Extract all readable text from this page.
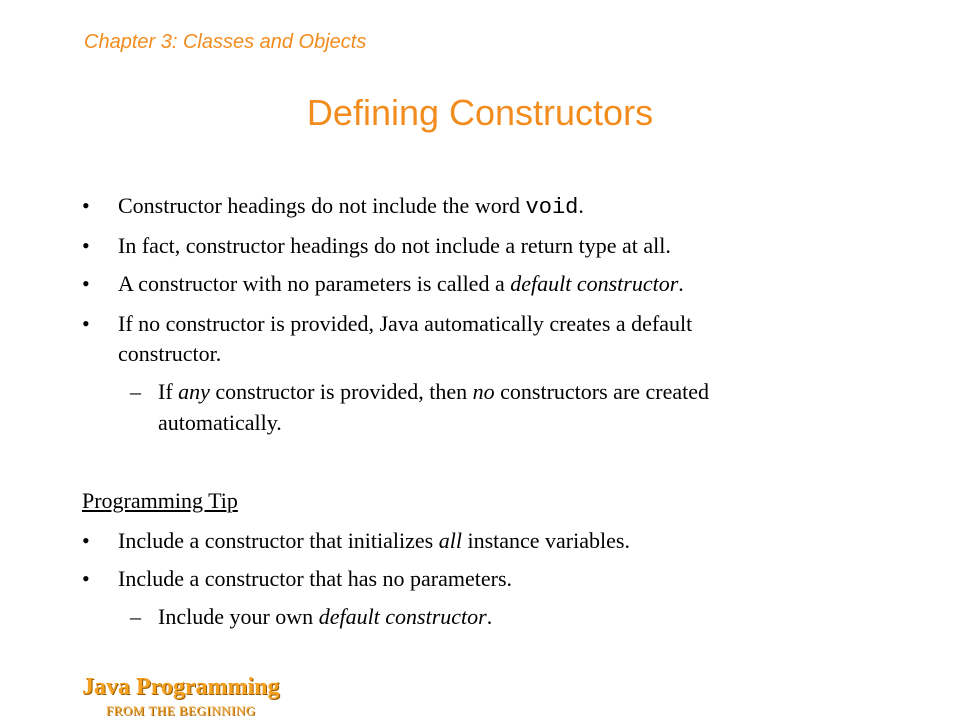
Chapter 3: Classes and Objects
Defining Constructors
• Constructor headings do not include the word void.
• In fact, constructor headings do not include a return type at all.
• A constructor with no parameters is called a default constructor.
• If no constructor is provided, Java automatically creates a default
constructor.
– If any constructor is provided, then no constructors are created
automatically.
Programming Tip
• Include a constructor that initializes all instance variables.
• Include a constructor that has no parameters.
– Include your own default constructor.
Java Programming
FROM THE BEGINNING
